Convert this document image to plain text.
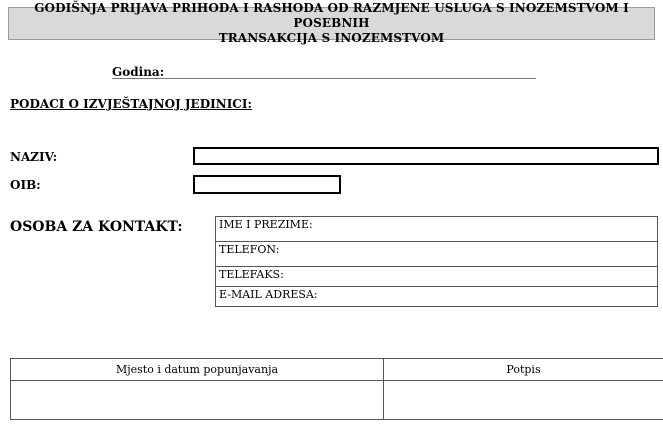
GODIŠNJA PRIJAVA PRIHODA I RASHODA OD RAZMJENE USLUGA S INOZEMSTVOM I POSEBNIH
TRANSAKCIJA S INOZEMSTVOM
Godina:
PODACI O IZVJEŠTAJNOJ JEDINICI:
NAZIV:
OIB:
OSOBA ZA KONTAKT:	IME I PREZIME:
TELEFON:
TELEFAKS:
E-MAIL ADRESA:
Mjesto i datum popunjavanja	Potpis
